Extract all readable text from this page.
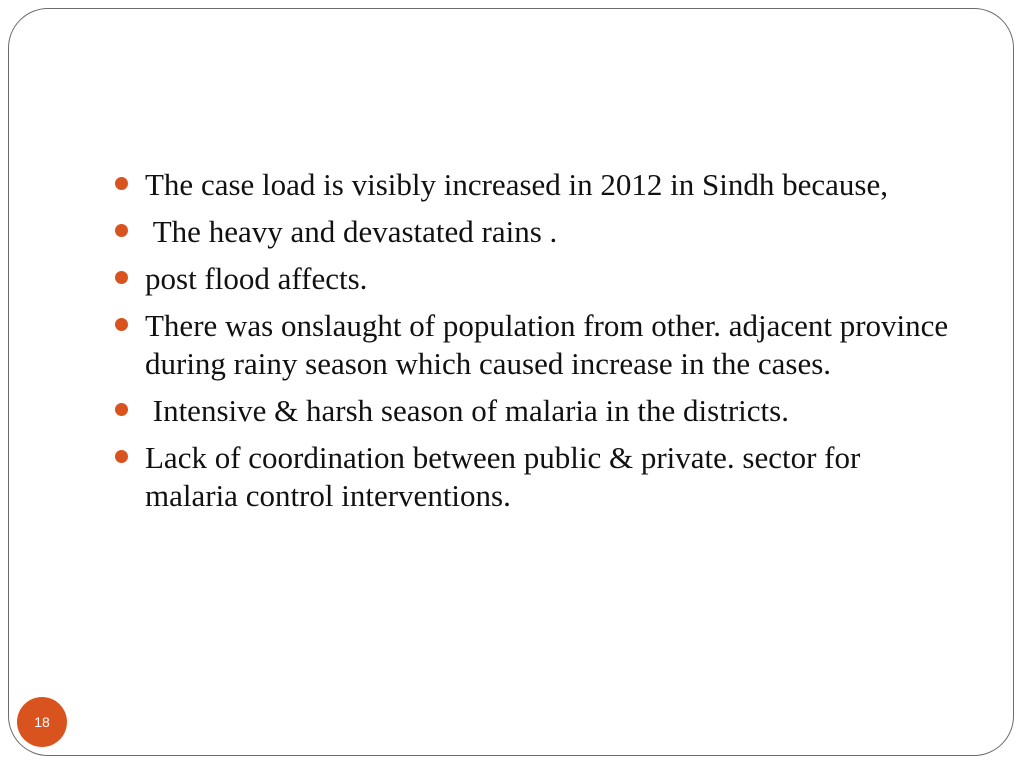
The case load is visibly increased in 2012 in Sindh because,
The heavy and devastated rains .
post flood affects.
There was onslaught of population from other. adjacent province during rainy season which caused increase in the cases.
Intensive & harsh season of malaria in the districts.
Lack of coordination between public & private. sector for malaria control interventions.
18
